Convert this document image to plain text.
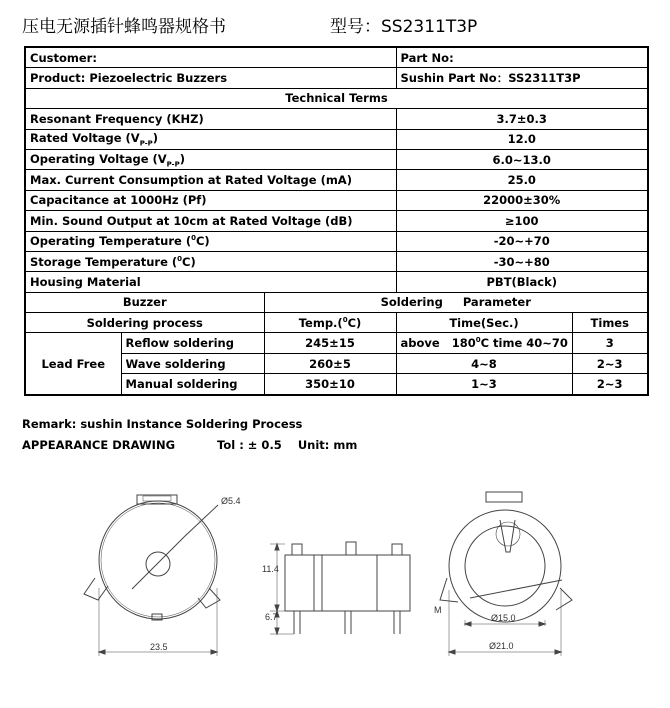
压电无源插针蜂鸣器规格书	型号：SS2311T3P
Customer:			Part No:	
Product: Piezoelectric Buzzers			Sushin Part No：SS2311T3P	
Technical Terms				
Resonant Frequency (KHZ)			3.7±0.3	
Rated Voltage $(V_{P-P})$			12.0	
Operating Voltage $(V_{P-P})$			6.0~13.0	
Max. Current Consumption at Rated Voltage (mA)			25.0	
Capacitance at 1000Hz (Pf)			22000±30%	
Min. Sound Output at 10cm at Rated Voltage (dB)			≥100	
Operating Temperature ($^0$C)			-20~+70	
Storage Temperature ($^0$C)			-30~+80	
Housing Material			PBT(Black)	
Buzzer		Soldering     Parameter		
Soldering process		Temp.($^0$C)	Time(Sec.)	Times
Lead Free	Reflow soldering	245±15	above   $180^0C$ time 40~70	3
	Wave soldering	260±5	4~8	2~3
	Manual soldering	350±10	1~3	2~3
Remark: sushin Instance Soldering Process
APPEARANCE DRAWING	Tol : ± 0.5 Unit: mm
Ø5.4
23.5
11.4
6.7
M
Ø15.0
Ø21.0
